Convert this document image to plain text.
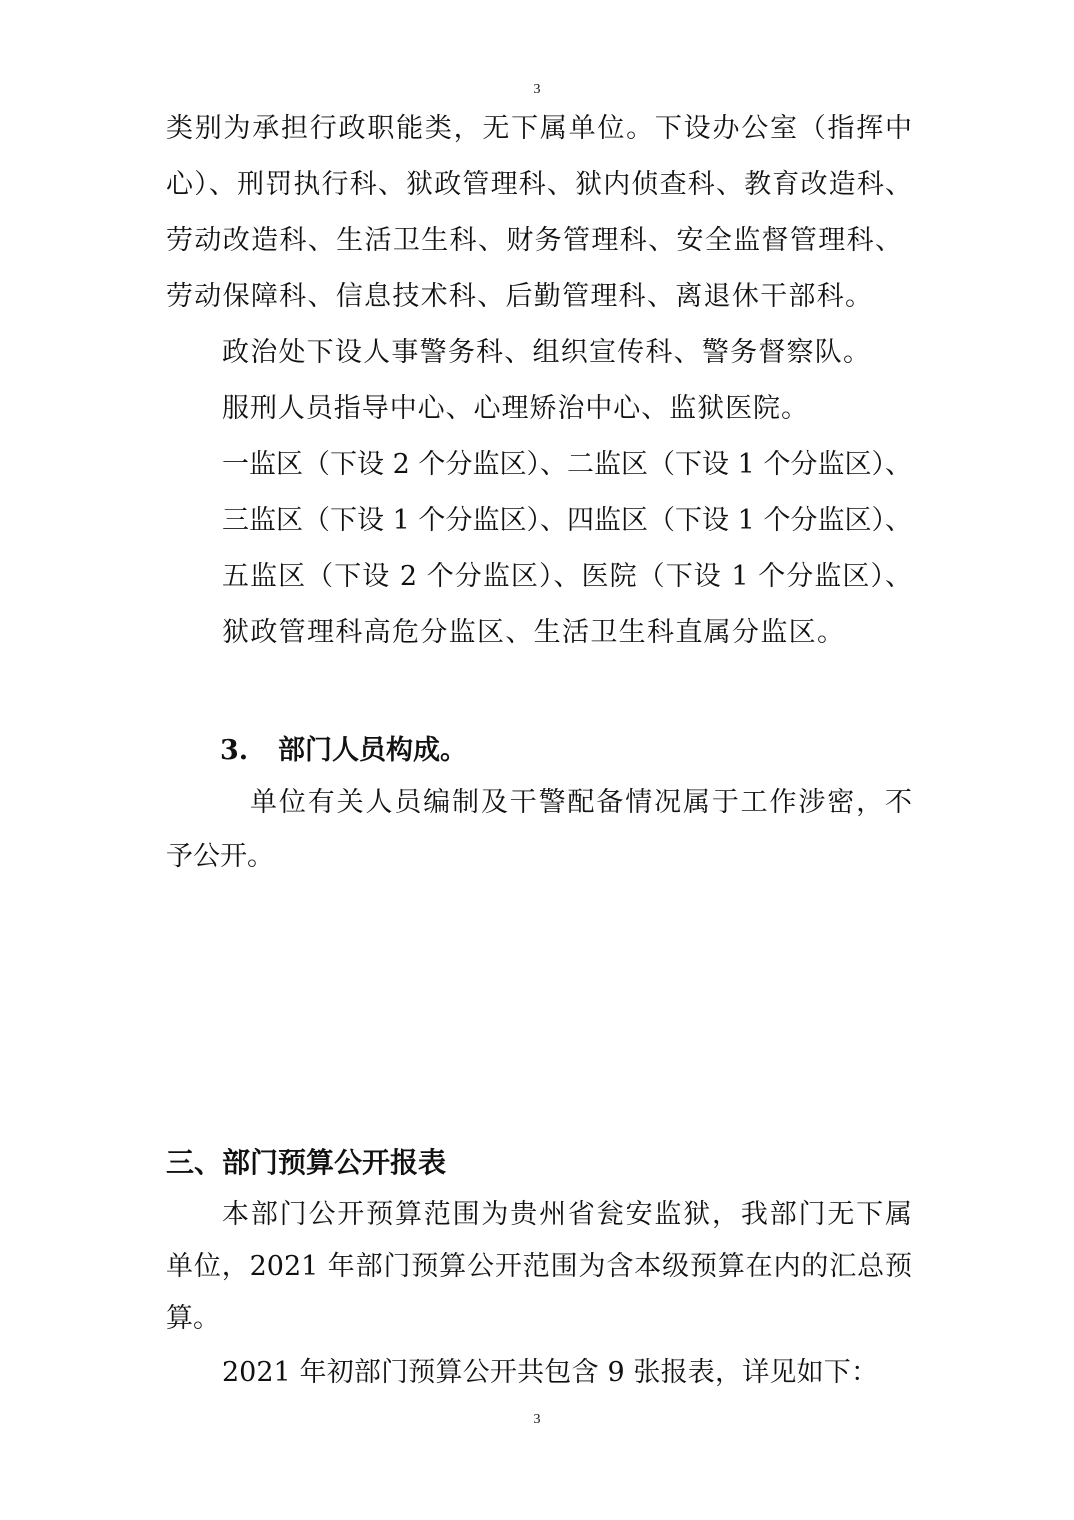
3
类别为承担行政职能类，无下属单位。下设办公室（指挥中
心）、刑罚执行科、狱政管理科、狱内侦查科、教育改造科、
劳动改造科、生活卫生科、财务管理科、安全监督管理科、
劳动保障科、信息技术科、后勤管理科、离退休干部科。
政治处下设人事警务科、组织宣传科、警务督察队。
服刑人员指导中心、心理矫治中心、监狱医院。
一监区（下设 2 个分监区）、二监区（下设 1 个分监区）、
三监区（下设 1 个分监区）、四监区（下设 1 个分监区）、
五监区（下设 2 个分监区）、医院（下设 1 个分监区）、
狱政管理科高危分监区、生活卫生科直属分监区。
3. 部门人员构成。
单位有关人员编制及干警配备情况属于工作涉密，不
予公开。
三、部门预算公开报表
本部门公开预算范围为贵州省瓮安监狱，我部门无下属
单位，2021 年部门预算公开范围为含本级预算在内的汇总预
算。
2021 年初部门预算公开共包含 9 张报表，详见如下：
3
